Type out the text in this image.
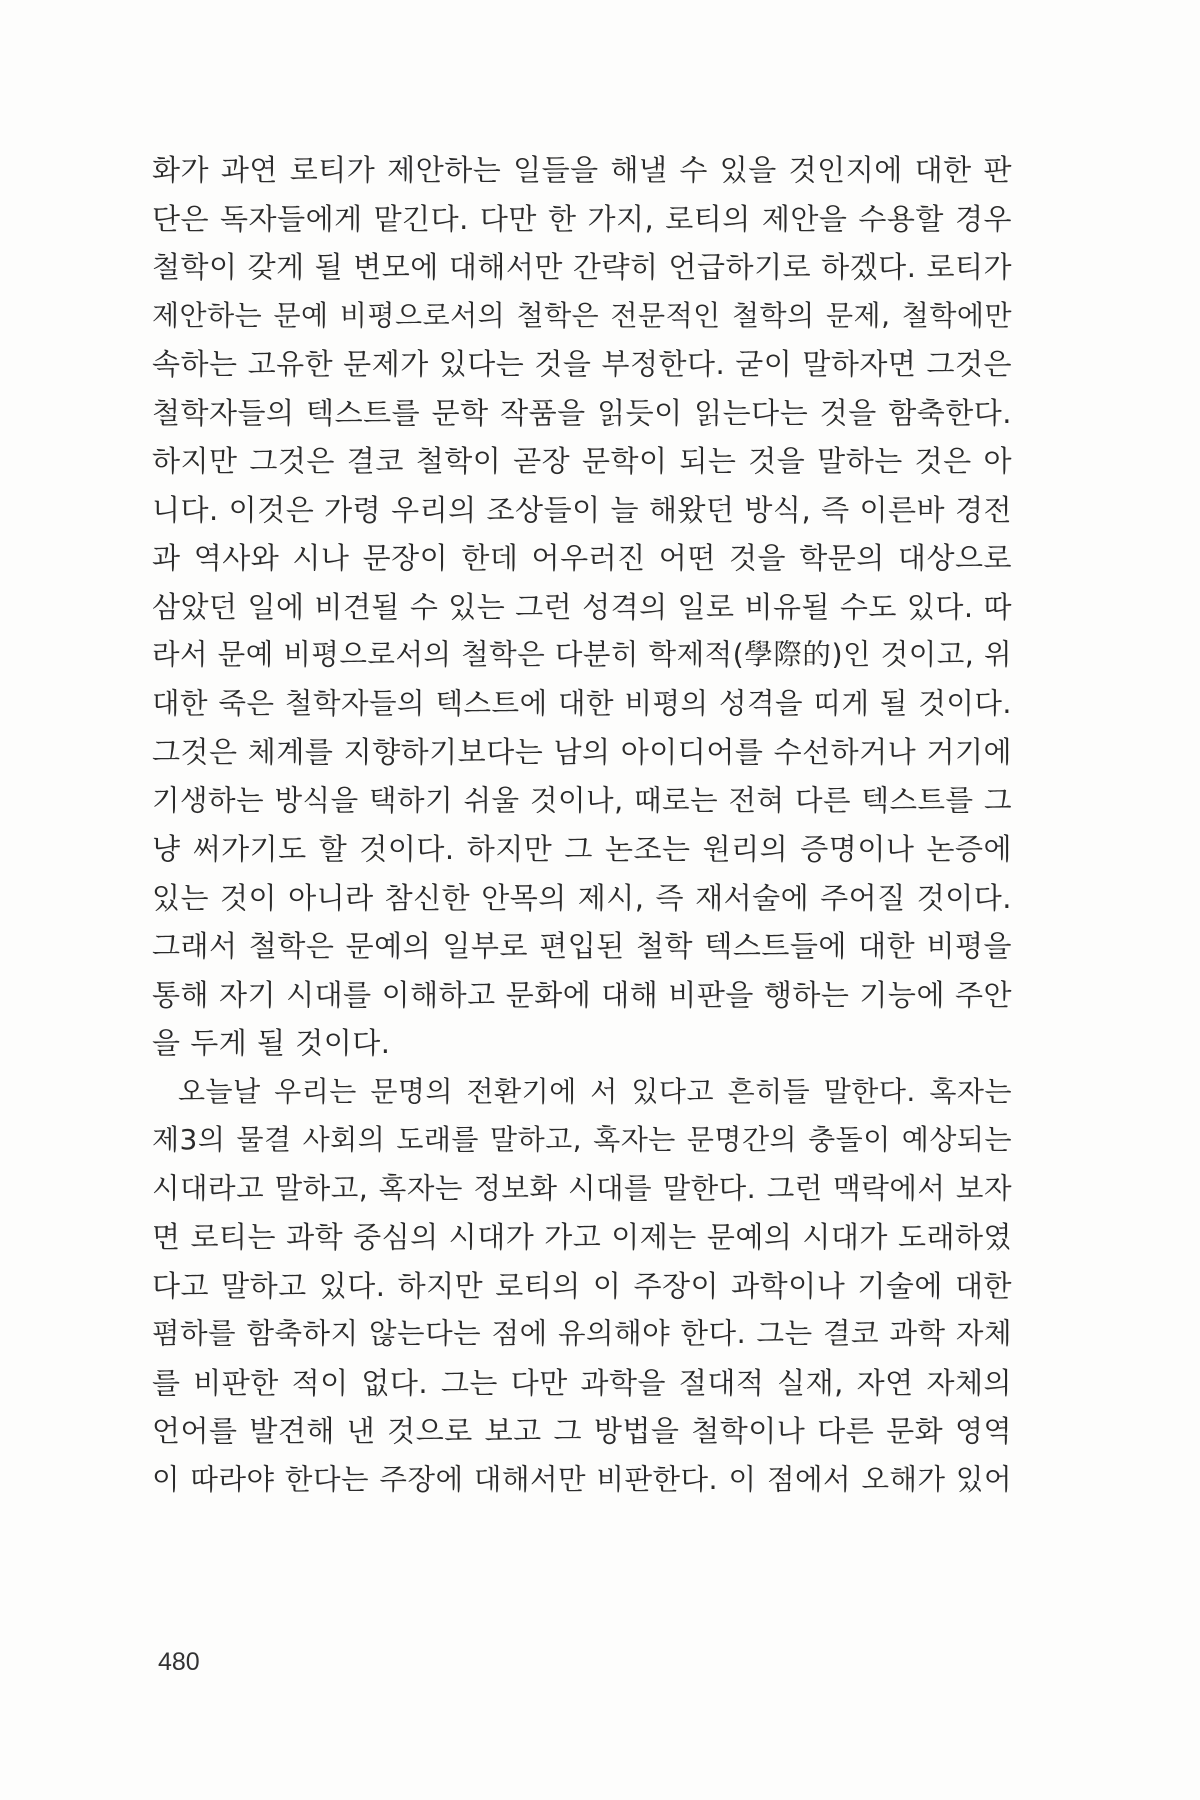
화가 과연 로티가 제안하는 일들을 해낼 수 있을 것인지에 대한 판
단은 독자들에게 맡긴다. 다만 한 가지, 로티의 제안을 수용할 경우
철학이 갖게 될 변모에 대해서만 간략히 언급하기로 하겠다. 로티가
제안하는 문예 비평으로서의 철학은 전문적인 철학의 문제, 철학에만
속하는 고유한 문제가 있다는 것을 부정한다. 굳이 말하자면 그것은
철학자들의 텍스트를 문학 작품을 읽듯이 읽는다는 것을 함축한다.
하지만 그것은 결코 철학이 곧장 문학이 되는 것을 말하는 것은 아
니다. 이것은 가령 우리의 조상들이 늘 해왔던 방식, 즉 이른바 경전
과 역사와 시나 문장이 한데 어우러진 어떤 것을 학문의 대상으로
삼았던 일에 비견될 수 있는 그런 성격의 일로 비유될 수도 있다. 따
라서 문예 비평으로서의 철학은 다분히 학제적(學際的)인 것이고, 위
대한 죽은 철학자들의 텍스트에 대한 비평의 성격을 띠게 될 것이다.
그것은 체계를 지향하기보다는 남의 아이디어를 수선하거나 거기에
기생하는 방식을 택하기 쉬울 것이나, 때로는 전혀 다른 텍스트를 그
냥 써가기도 할 것이다. 하지만 그 논조는 원리의 증명이나 논증에
있는 것이 아니라 참신한 안목의 제시, 즉 재서술에 주어질 것이다.
그래서 철학은 문예의 일부로 편입된 철학 텍스트들에 대한 비평을
통해 자기 시대를 이해하고 문화에 대해 비판을 행하는 기능에 주안
을 두게 될 것이다.
오늘날 우리는 문명의 전환기에 서 있다고 흔히들 말한다. 혹자는
제3의 물결 사회의 도래를 말하고, 혹자는 문명간의 충돌이 예상되는
시대라고 말하고, 혹자는 정보화 시대를 말한다. 그런 맥락에서 보자
면 로티는 과학 중심의 시대가 가고 이제는 문예의 시대가 도래하였
다고 말하고 있다. 하지만 로티의 이 주장이 과학이나 기술에 대한
폄하를 함축하지 않는다는 점에 유의해야 한다. 그는 결코 과학 자체
를 비판한 적이 없다. 그는 다만 과학을 절대적 실재, 자연 자체의
언어를 발견해 낸 것으로 보고 그 방법을 철학이나 다른 문화 영역
이 따라야 한다는 주장에 대해서만 비판한다. 이 점에서 오해가 있어
480
